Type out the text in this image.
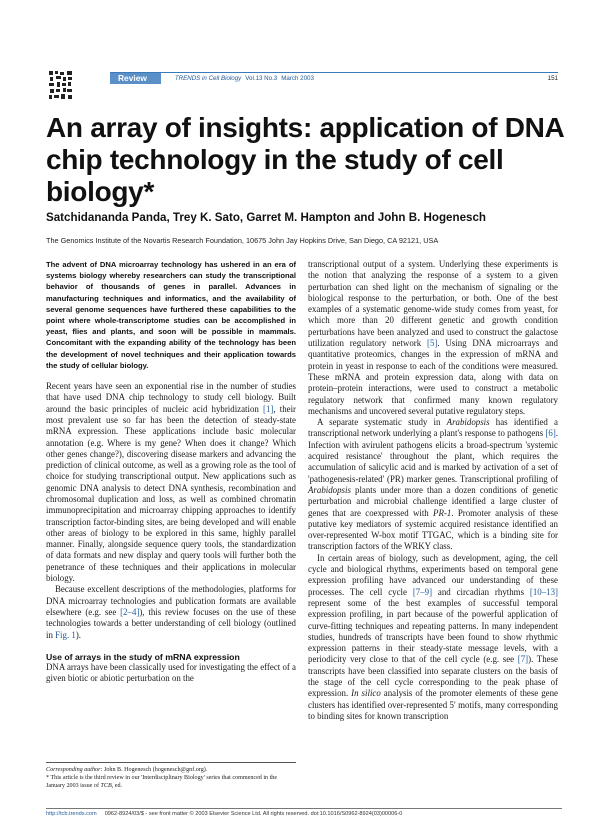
Review	TRENDS in Cell Biology Vol.13 No.3 March 2003	151
An array of insights: application of DNA chip technology in the study of cell biology*
Satchidananda Panda, Trey K. Sato, Garret M. Hampton and John B. Hogenesch
The Genomics Institute of the Novartis Research Foundation, 10675 John Jay Hopkins Drive, San Diego, CA 92121, USA

The advent of DNA microarray technology has ushered in an era of systems biology whereby researchers can study the transcriptional behavior of thousands of genes in parallel. Advances in manufacturing techniques and informatics, and the availability of several genome sequences have furthered these capabilities to the point where whole-transcriptome studies can be accomplished in yeast, flies and plants, and soon will be possible in mammals. Concomitant with the expanding ability of the technology has been the development of novel techniques and their application towards the study of cellular biology.

Recent years have seen an exponential rise in the number of studies that have used DNA chip technology to study cell biology. Built around the basic principles of nucleic acid hybridization [1], their most prevalent use so far has been the detection of steady-state mRNA expression. These applications include basic molecular annotation (e.g. Where is my gene? When does it change? Which other genes change?), discovering disease markers and advancing the prediction of clinical outcome, as well as a growing role as the tool of choice for studying transcriptional output. New applications such as genomic DNA analysis to detect DNA synthesis, recombination and chromosomal duplication and loss, as well as combined chromatin immunoprecipitation and microarray chipping approaches to identify transcription factor-binding sites, are being developed and will enable other areas of biology to be explored in this same, highly parallel manner. Finally, alongside sequence query tools, the standardization of data formats and new display and query tools will further both the penetrance of these techniques and their applications in molecular biology.

Because excellent descriptions of the methodologies, platforms for DNA microarray technologies and publication formats are available elsewhere (e.g. see [2–4]), this review focuses on the use of these technologies towards a better understanding of cell biology (outlined in Fig. 1).

Use of arrays in the study of mRNA expression

DNA arrays have been classically used for investigating the effect of a given biotic or abiotic perturbation on the

transcriptional output of a system. Underlying these experiments is the notion that analyzing the response of a system to a given perturbation can shed light on the mechanism of signaling or the biological response to the perturbation, or both. One of the best examples of a systematic genome-wide study comes from yeast, for which more than 20 different genetic and growth condition perturbations have been analyzed and used to construct the galactose utilization regulatory network [5]. Using DNA microarrays and quantitative proteomics, changes in the expression of mRNA and protein in yeast in response to each of the conditions were measured. These mRNA and protein expression data, along with data on protein–protein interactions, were used to construct a metabolic regulatory network that confirmed many known regulatory mechanisms and uncovered several putative regulatory steps.

A separate systematic study in Arabidopsis has identified a transcriptional network underlying a plant's response to pathogens [6]. Infection with avirulent pathogens elicits a broad-spectrum 'systemic acquired resistance' throughout the plant, which requires the accumulation of salicylic acid and is marked by activation of a set of 'pathogenesis-related' (PR) marker genes. Transcriptional profiling of Arabidopsis plants under more than a dozen conditions of genetic perturbation and microbial challenge identified a large cluster of genes that are coexpressed with PR-1. Promoter analysis of these putative key mediators of systemic acquired resistance identified an over-represented W-box motif TTGAC, which is a binding site for transcription factors of the WRKY class.

In certain areas of biology, such as development, aging, the cell cycle and biological rhythms, experiments based on temporal gene expression profiling have advanced our understanding of these processes. The cell cycle [7–9] and circadian rhythms [10–13] represent some of the best examples of successful temporal expression profiling, in part because of the powerful application of curve-fitting techniques and repeating patterns. In many independent studies, hundreds of transcripts have been found to show rhythmic expression patterns in their steady-state message levels, with a periodicity very close to that of the cell cycle (e.g. see [7]). These transcripts have been classified into separate clusters on the basis of the stage of the cell cycle corresponding to the peak phase of expression. In silico analysis of the promoter elements of these gene clusters has identified over-represented 5′ motifs, many corresponding to binding sites for known transcription

Corresponding author: John B. Hogenesch (hogenesch@gnf.org).

* This article is the third review in our 'Interdisciplinary Biology' series that commenced in the January 2003 issue of TCB, ed.

http://tcb.trends.com 0962-8924/03/$ - see front matter © 2003 Elsevier Science Ltd. All rights reserved. doi:10.1016/S0962-8924(03)00006-0
